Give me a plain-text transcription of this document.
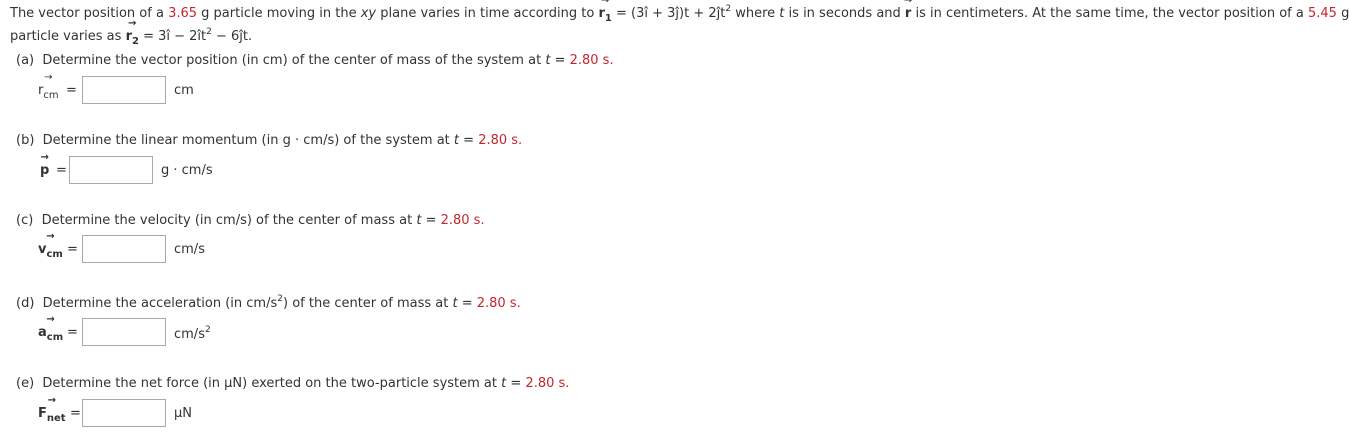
The vector position of a 3.65 g particle moving in the xy plane varies in time according to → $r_1$ = (3î + 3ĵ)t + $2ĵt^2$ where t is in seconds and → r is in centimeters. At the same time, the vector position of a 5.45 g
particle varies as → $r_2$ = 3î − $2ît^2$ − 6ĵt.
(a) Determine the vector position (in cm) of the center of mass of the system at t = 2.80 s.
→ $r_{cm}$ =	cm
(b) Determine the linear momentum (in g · cm/s) of the system at t = 2.80 s.
→ p =	g · cm/s
(c) Determine the velocity (in cm/s) of the center of mass at t = 2.80 s.
→ $v_{cm}$ =	cm/s
(d) Determine the acceleration (in $cm/s^2$) of the center of mass at t = 2.80 s.
→ $a_{cm}$ =	$cm/s^2$
(e) Determine the net force (in µN) exerted on the two-particle system at t = 2.80 s.
→ $F_{net}$ =	µN
